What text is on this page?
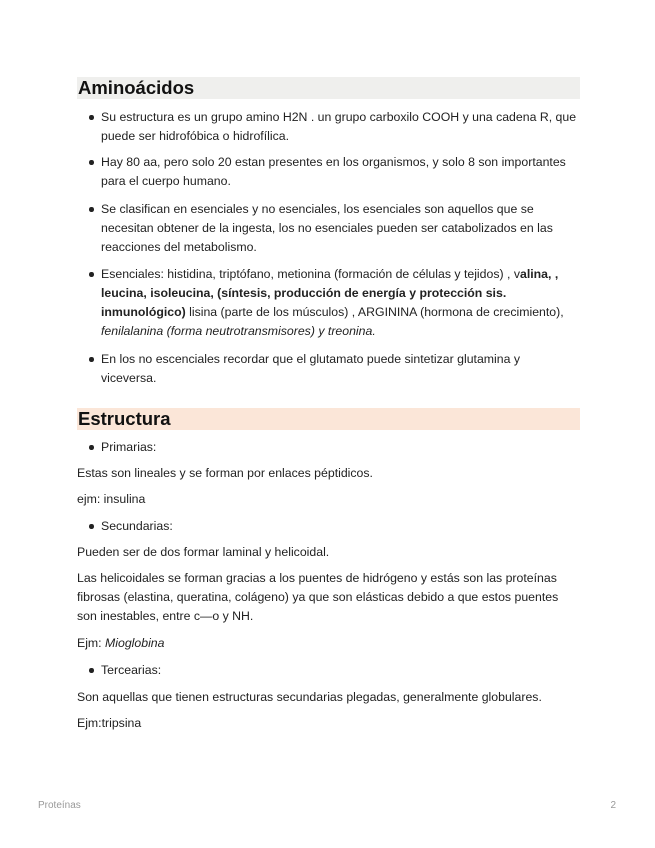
Aminoácidos
Su estructura es un grupo amino H2N . un grupo carboxilo COOH y una cadena R, que puede ser hidrofóbica o hidrofílica.
Hay 80 aa, pero solo 20 estan presentes en los organismos, y solo 8 son importantes para el cuerpo humano.
Se clasifican en esenciales y no esenciales, los esenciales son aquellos que se necesitan obtener de la ingesta, los no esenciales pueden ser catabolizados en las reacciones del metabolismo.
Esenciales: histidina, triptófano, metionina (formación de células y tejidos) , valina, , leucina, isoleucina, (síntesis, producción de energía y protección sis. inmunológico) lisina (parte de los músculos) , ARGININA (hormona de crecimiento), fenilalanina (forma neutrotransmisores) y treonina.
En los no escenciales recordar que el glutamato puede sintetizar glutamina y viceversa.
Estructura
Primarias:

Estas son lineales y se forman por enlaces péptidicos.

ejm: insulina

Secundarias:

Pueden ser de dos formar laminal y helicoidal.

Las helicoidales se forman gracias a los puentes de hidrógeno y estás son las proteínas fibrosas (elastina, queratina, colágeno) ya que son elásticas debido a que estos puentes son inestables, entre c—o y NH.

Ejm: Mioglobina

Tercearias:

Son aquellas que tienen estructuras secundarias plegadas, generalmente globulares.

Ejm:tripsina

Proteínas	2
